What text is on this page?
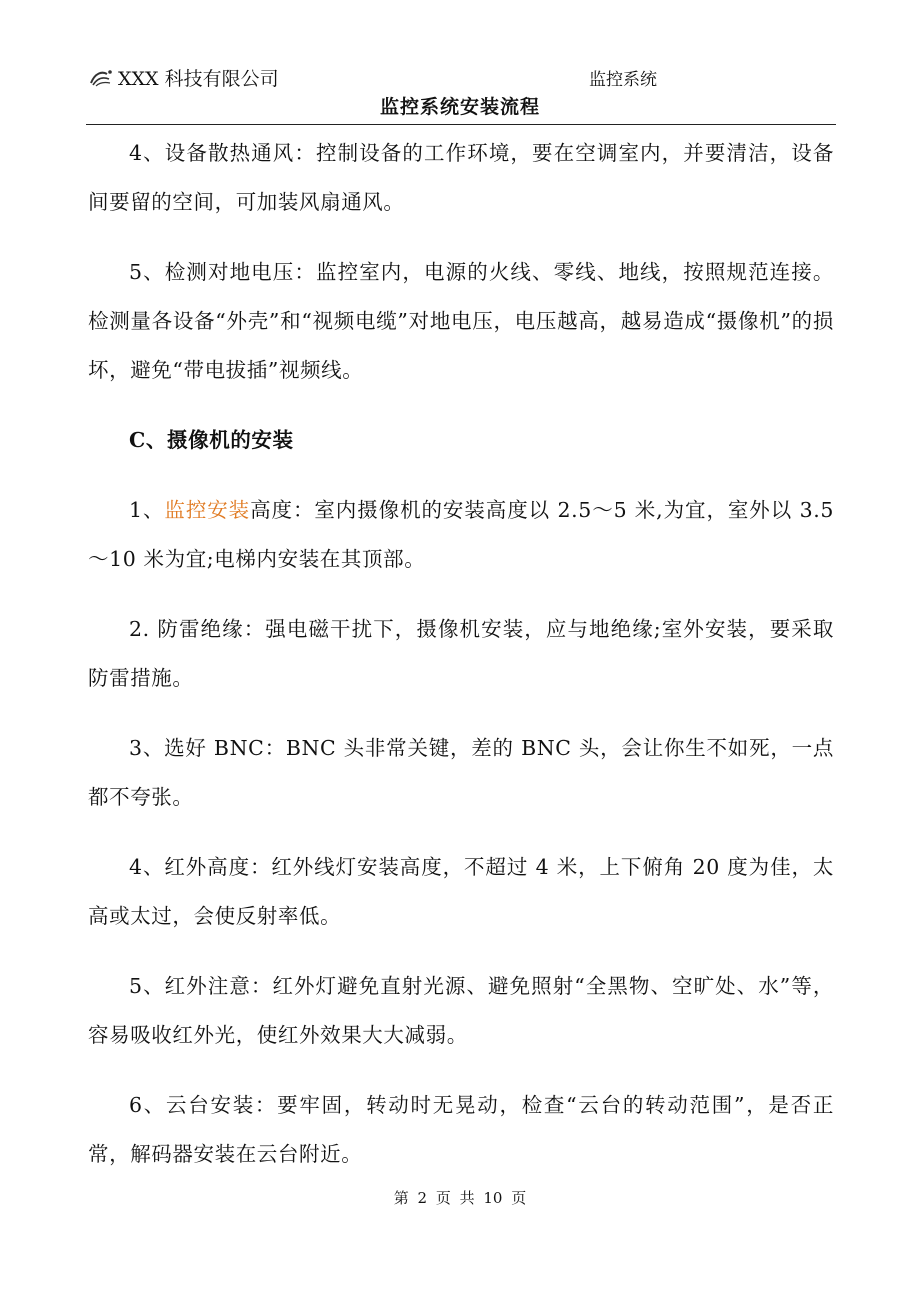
XXX 科技有限公司	监控系统
监控系统安装流程

4、设备散热通风：控制设备的工作环境，要在空调室内，并要清洁，设备间要留的空间，可加装风扇通风。

5、检测对地电压：监控室内，电源的火线、零线、地线，按照规范连接。检测量各设备“外壳”和“视频电缆”对地电压，电压越高，越易造成“摄像机”的损坏，避免“带电拔插”视频线。

C、摄像机的安装

1、监控安装高度：室内摄像机的安装高度以 2.5～5 米,为宜，室外以 3.5～10 米为宜;电梯内安装在其顶部。

2. 防雷绝缘：强电磁干扰下，摄像机安装，应与地绝缘;室外安装，要采取防雷措施。

3、选好 BNC：BNC 头非常关键，差的 BNC 头，会让你生不如死，一点都不夸张。

4、红外高度：红外线灯安装高度，不超过 4 米，上下俯角 20 度为佳，太高或太过，会使反射率低。

5、红外注意：红外灯避免直射光源、避免照射“全黑物、空旷处、水”等，容易吸收红外光，使红外效果大大减弱。

6、云台安装：要牢固，转动时无晃动，检查“云台的转动范围”，是否正常，解码器安装在云台附近。

第 2 页 共 10 页
